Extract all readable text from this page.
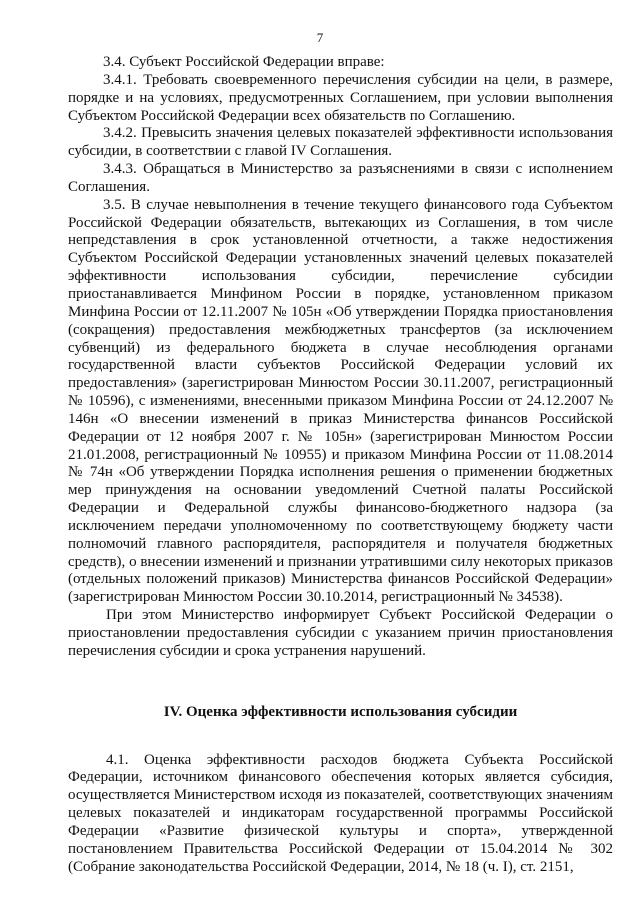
7

3.4. Субъект Российской Федерации вправе:

3.4.1. Требовать своевременного перечисления субсидии на цели, в размере, порядке и на условиях, предусмотренных Соглашением, при условии выполнения Субъектом Российской Федерации всех обязательств по Соглашению.

3.4.2. Превысить значения целевых показателей эффективности использования субсидии, в соответствии с главой IV Соглашения.

3.4.3. Обращаться в Министерство за разъяснениями в связи с исполнением Соглашения.

3.5. В случае невыполнения в течение текущего финансового года Субъектом Российской Федерации обязательств, вытекающих из Соглашения, в том числе непредставления в срок установленной отчетности, а также недостижения Субъектом Российской Федерации установленных значений целевых показателей эффективности использования субсидии, перечисление субсидии приостанавливается Минфином России в порядке, установленном приказом Минфина России от 12.11.2007 № 105н «Об утверждении Порядка приостановления (сокращения) предоставления межбюджетных трансфертов (за исключением субвенций) из федерального бюджета в случае несоблюдения органами государственной власти субъектов Российской Федерации условий их предоставления» (зарегистрирован Минюстом России 30.11.2007, регистрационный № 10596), с изменениями, внесенными приказом Минфина России от 24.12.2007 № 146н «О внесении изменений в приказ Министерства финансов Российской Федерации от 12 ноября 2007 г. № 105н» (зарегистрирован Минюстом России 21.01.2008, регистрационный № 10955) и приказом Минфина России от 11.08.2014 № 74н «Об утверждении Порядка исполнения решения о применении бюджетных мер принуждения на основании уведомлений Счетной палаты Российской Федерации и Федеральной службы финансово-бюджетного надзора (за исключением передачи уполномоченному по соответствующему бюджету части полномочий главного распорядителя, распорядителя и получателя бюджетных средств), о внесении изменений и признании утратившими силу некоторых приказов (отдельных положений приказов) Министерства финансов Российской Федерации» (зарегистрирован Минюстом России 30.10.2014, регистрационный № 34538).

При этом Министерство информирует Субъект Российской Федерации о приостановлении предоставления субсидии с указанием причин приостановления перечисления субсидии и срока устранения нарушений.

IV. Оценка эффективности использования субсидии

4.1. Оценка эффективности расходов бюджета Субъекта Российской Федерации, источником финансового обеспечения которых является субсидия, осуществляется Министерством исходя из показателей, соответствующих значениям целевых показателей и индикаторам государственной программы Российской Федерации «Развитие физической культуры и спорта», утвержденной постановлением Правительства Российской Федерации от 15.04.2014 № 302 (Собрание законодательства Российской Федерации, 2014, № 18 (ч. I), ст. 2151,
